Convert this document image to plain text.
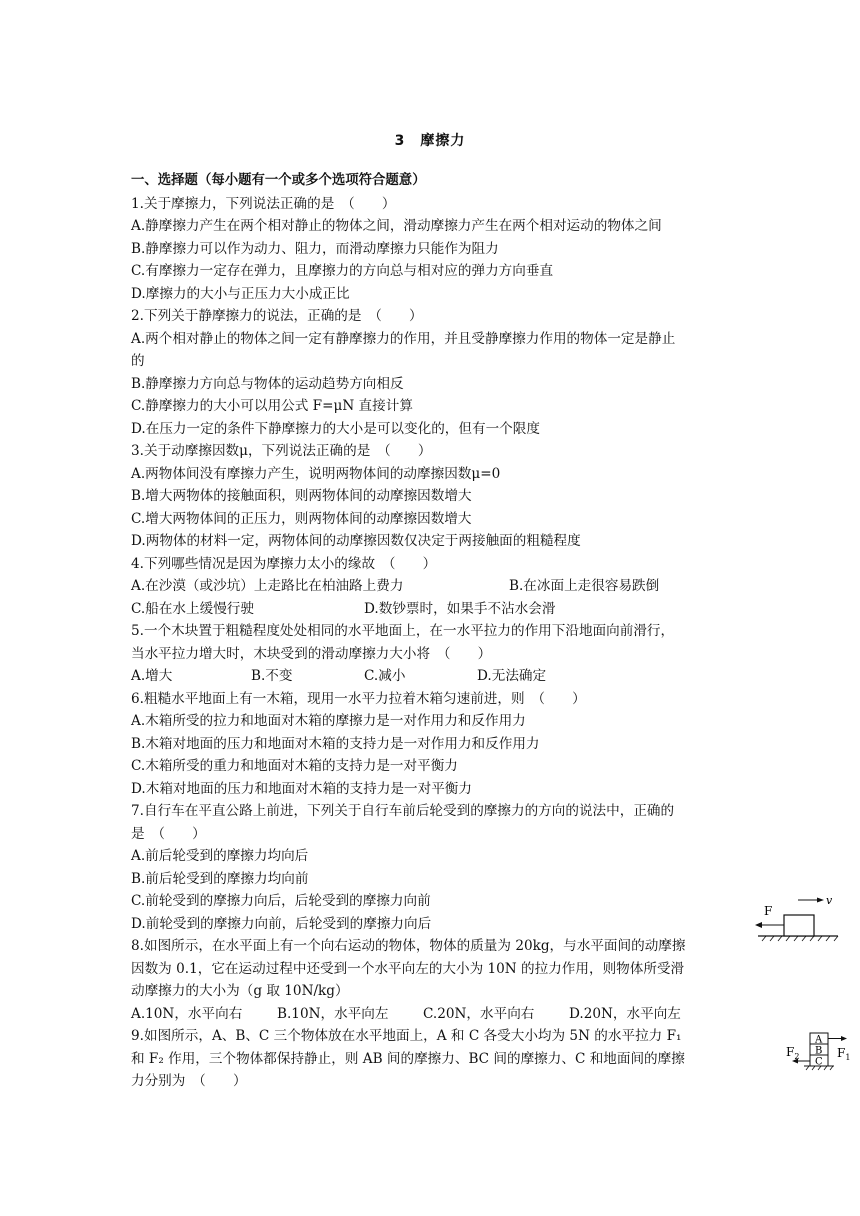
3　摩擦力
一、选择题（每小题有一个或多个选项符合题意）
1.关于摩擦力，下列说法正确的是　（　　）
A.静摩擦力产生在两个相对静止的物体之间，滑动摩擦力产生在两个相对运动的物体之间
B.静摩擦力可以作为动力、阻力，而滑动摩擦力只能作为阻力
C.有摩擦力一定存在弹力，且摩擦力的方向总与相对应的弹力方向垂直
D.摩擦力的大小与正压力大小成正比
2.下列关于静摩擦力的说法，正确的是　（　　）
A.两个相对静止的物体之间一定有静摩擦力的作用，并且受静摩擦力作用的物体一定是静止
的
B.静摩擦力方向总与物体的运动趋势方向相反
C.静摩擦力的大小可以用公式 F=μN 直接计算
D.在压力一定的条件下静摩擦力的大小是可以变化的，但有一个限度
3.关于动摩擦因数μ，下列说法正确的是　（　　）
A.两物体间没有摩擦力产生，说明两物体间的动摩擦因数μ=0
B.增大两物体的接触面积，则两物体间的动摩擦因数增大
C.增大两物体间的正压力，则两物体间的动摩擦因数增大
D.两物体的材料一定，两物体间的动摩擦因数仅决定于两接触面的粗糙程度
4.下列哪些情况是因为摩擦力太小的缘故　（　　）

A.在沙漠（或沙坑）上走路比在柏油路上费力

	B.在冰面上走很容易跌倒

C.船在水上缓慢行驶

	D.数钞票时，如果手不沾水会滑

5.一个木块置于粗糙程度处处相同的水平地面上，在一水平拉力的作用下沿地面向前滑行，
当水平拉力增大时，木块受到的滑动摩擦力大小将　（　　）

A.增大

	B.不变

	C.减小

	D.无法确定

6.粗糙水平地面上有一木箱，现用一水平力拉着木箱匀速前进，则　（　　）
A.木箱所受的拉力和地面对木箱的摩擦力是一对作用力和反作用力
B.木箱对地面的压力和地面对木箱的支持力是一对作用力和反作用力
C.木箱所受的重力和地面对木箱的支持力是一对平衡力
D.木箱对地面的压力和地面对木箱的支持力是一对平衡力
7.自行车在平直公路上前进，下列关于自行车前后轮受到的摩擦力的方向的说法中，正确的
是　（　　）
A.前后轮受到的摩擦力均向后
B.前后轮受到的摩擦力均向前
C.前轮受到的摩擦力向后，后轮受到的摩擦力向前
D.前轮受到的摩擦力向前，后轮受到的摩擦力向后
8.如图所示，在水平面上有一个向右运动的物体，物体的质量为 20kg，与水平面间的动摩擦
因数为 0.1，它在运动过程中还受到一个水平向左的大小为 10N 的拉力作用，则物体所受滑
动摩擦力的大小为（g 取 10N/kg）

A.10N，水平向右

	B.10N，水平向左

	C.20N，水平向右

	D.20N，水平向左

9.如图所示，A、B、C 三个物体放在水平地面上，A 和 C 各受大小均为 5N 的水平拉力 F₁
和 F₂ 作用，三个物体都保持静止，则 AB 间的摩擦力、BC 间的摩擦力、C 和地面间的摩擦
力分别为　（　　）
F
v
A
B
C
$F_1$
$F_2$
